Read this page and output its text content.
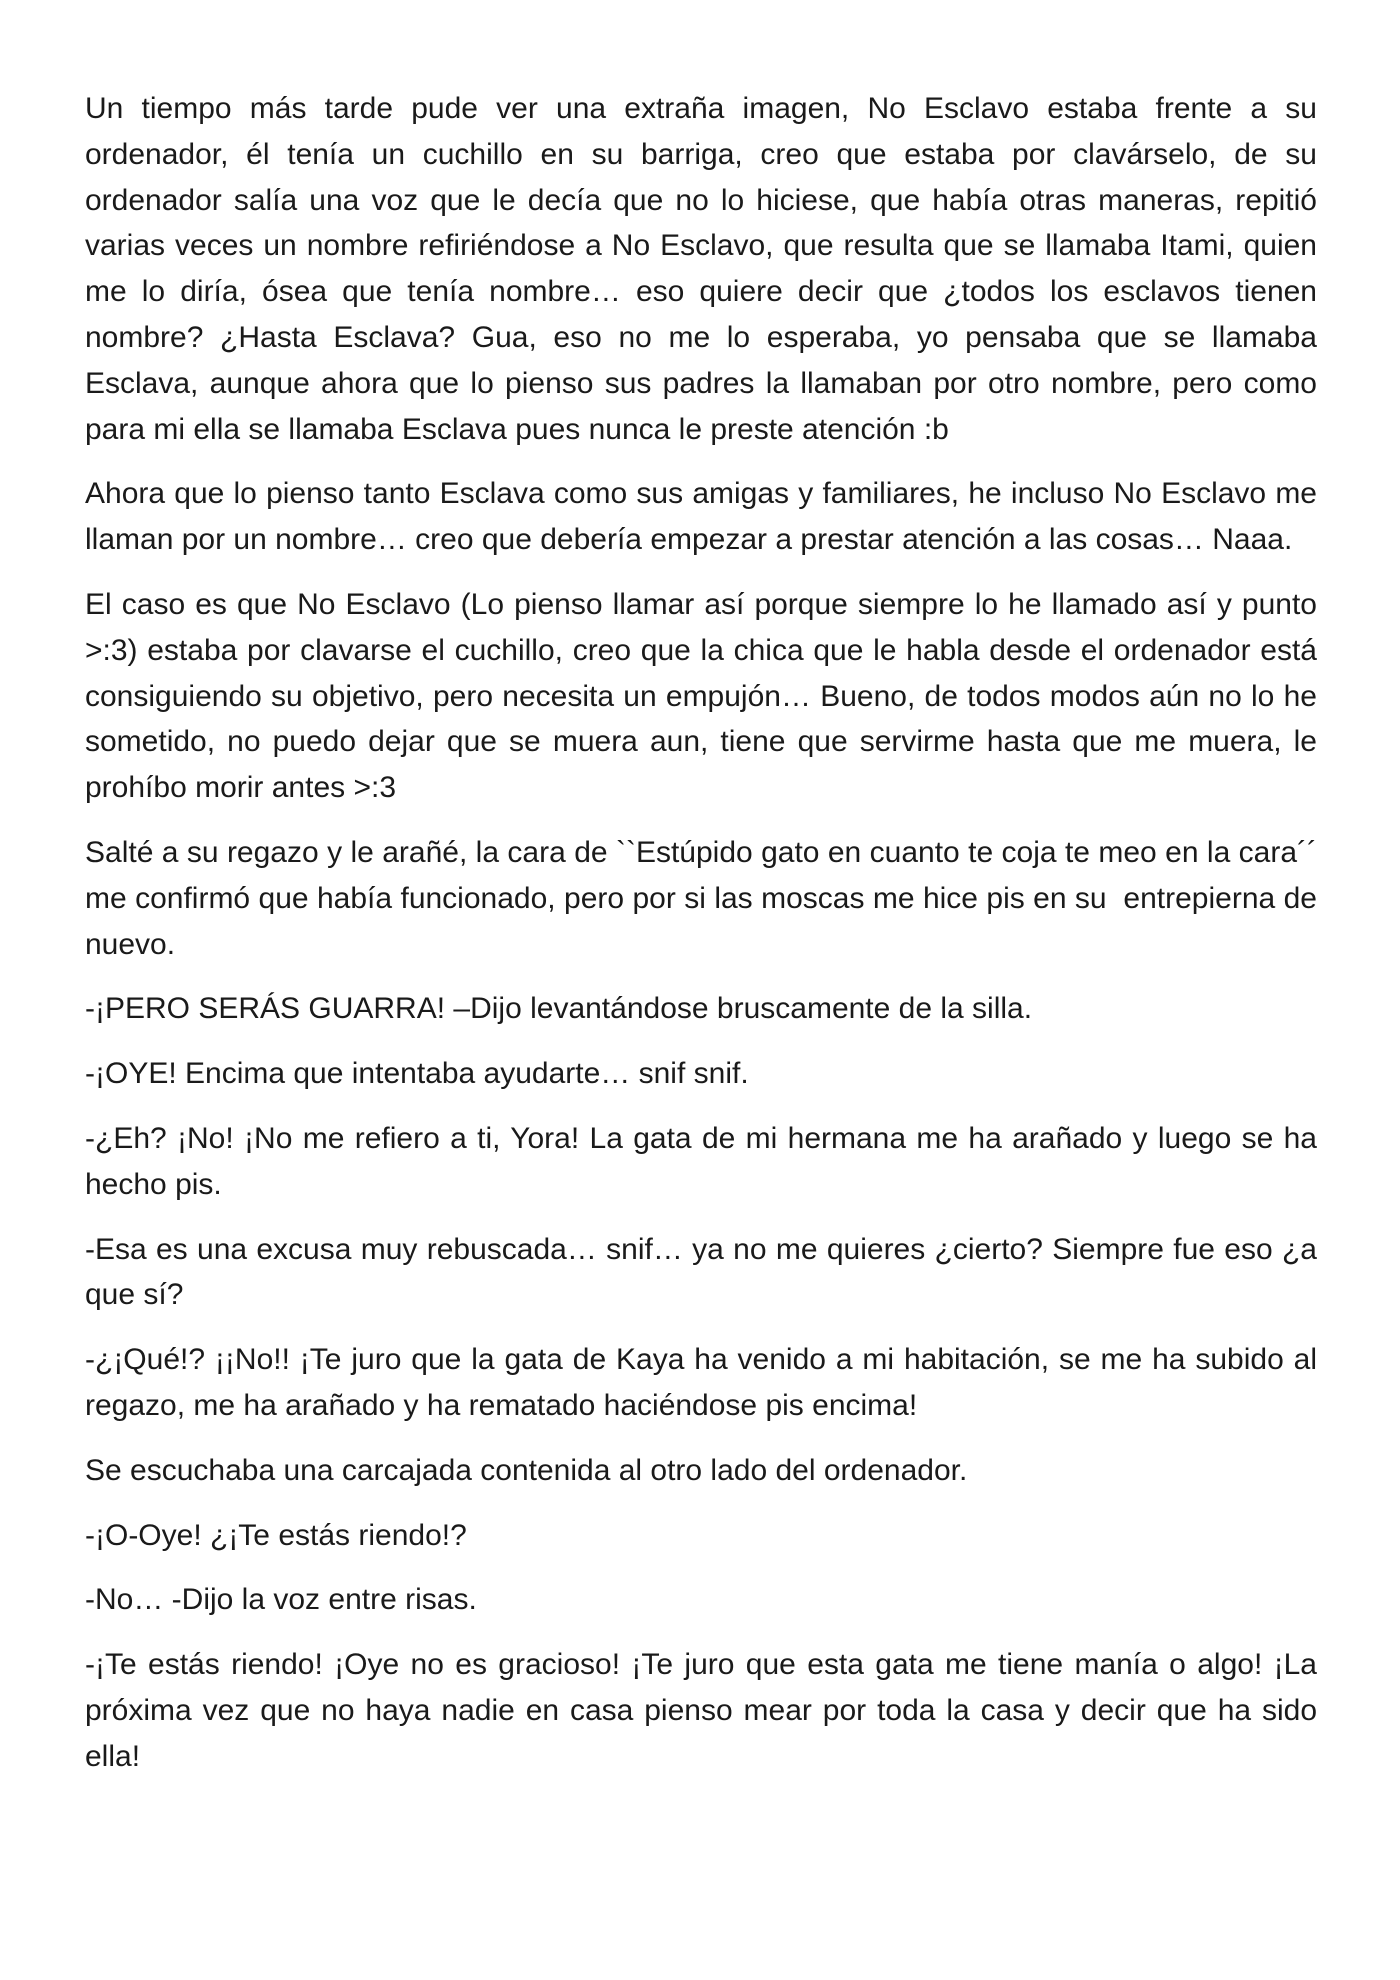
Un tiempo más tarde pude ver una extraña imagen, No Esclavo estaba frente a su ordenador, él tenía un cuchillo en su barriga, creo que estaba por clavárselo, de su ordenador salía una voz que le decía que no lo hiciese, que había otras maneras, repitió varias veces un nombre refiriéndose a No Esclavo, que resulta que se llamaba Itami, quien me lo diría, ósea que tenía nombre… eso quiere decir que ¿todos los esclavos tienen nombre? ¿Hasta Esclava? Gua, eso no me lo esperaba, yo pensaba que se llamaba Esclava, aunque ahora que lo pienso sus padres la llamaban por otro nombre, pero como para mi ella se llamaba Esclava pues nunca le preste atención :b

Ahora que lo pienso tanto Esclava como sus amigas y familiares, he incluso No Esclavo me llaman por un nombre… creo que debería empezar a prestar atención a las cosas… Naaa.

El caso es que No Esclavo (Lo pienso llamar así porque siempre lo he llamado así y punto >:3) estaba por clavarse el cuchillo, creo que la chica que le habla desde el ordenador está consiguiendo su objetivo, pero necesita un empujón… Bueno, de todos modos aún no lo he sometido, no puedo dejar que se muera aun, tiene que servirme hasta que me muera, le prohíbo morir antes >:3

Salté a su regazo y le arañé, la cara de ``Estúpido gato en cuanto te coja te meo en la cara´´ me confirmó que había funcionado, pero por si las moscas me hice pis en su  entrepierna de nuevo.

-¡PERO SERÁS GUARRA! –Dijo levantándose bruscamente de la silla.

-¡OYE! Encima que intentaba ayudarte… snif snif.

-¿Eh? ¡No! ¡No me refiero a ti, Yora! La gata de mi hermana me ha arañado y luego se ha hecho pis.

-Esa es una excusa muy rebuscada… snif… ya no me quieres ¿cierto? Siempre fue eso ¿a que sí?

-¿¡Qué!? ¡¡No!! ¡Te juro que la gata de Kaya ha venido a mi habitación, se me ha subido al regazo, me ha arañado y ha rematado haciéndose pis encima!

Se escuchaba una carcajada contenida al otro lado del ordenador.

-¡O-Oye! ¿¡Te estás riendo!?

-No… -Dijo la voz entre risas.

-¡Te estás riendo! ¡Oye no es gracioso! ¡Te juro que esta gata me tiene manía o algo! ¡La próxima vez que no haya nadie en casa pienso mear por toda la casa y decir que ha sido ella!
